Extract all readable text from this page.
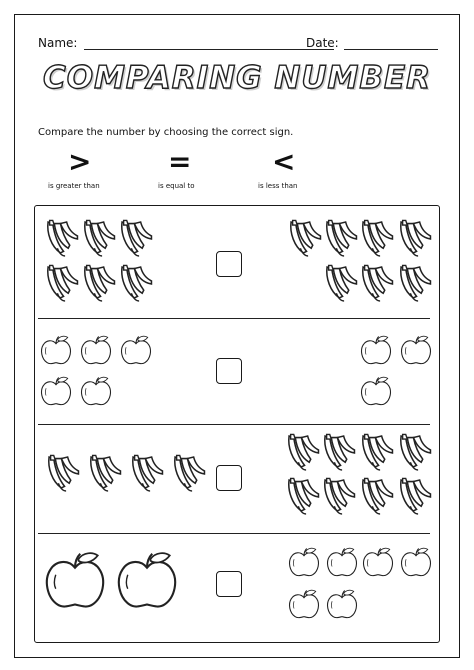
Name:	Date:
COMPARING NUMBER
Compare the number by choosing the correct sign.
>
is greater than
=
is equal to
<
is less than
